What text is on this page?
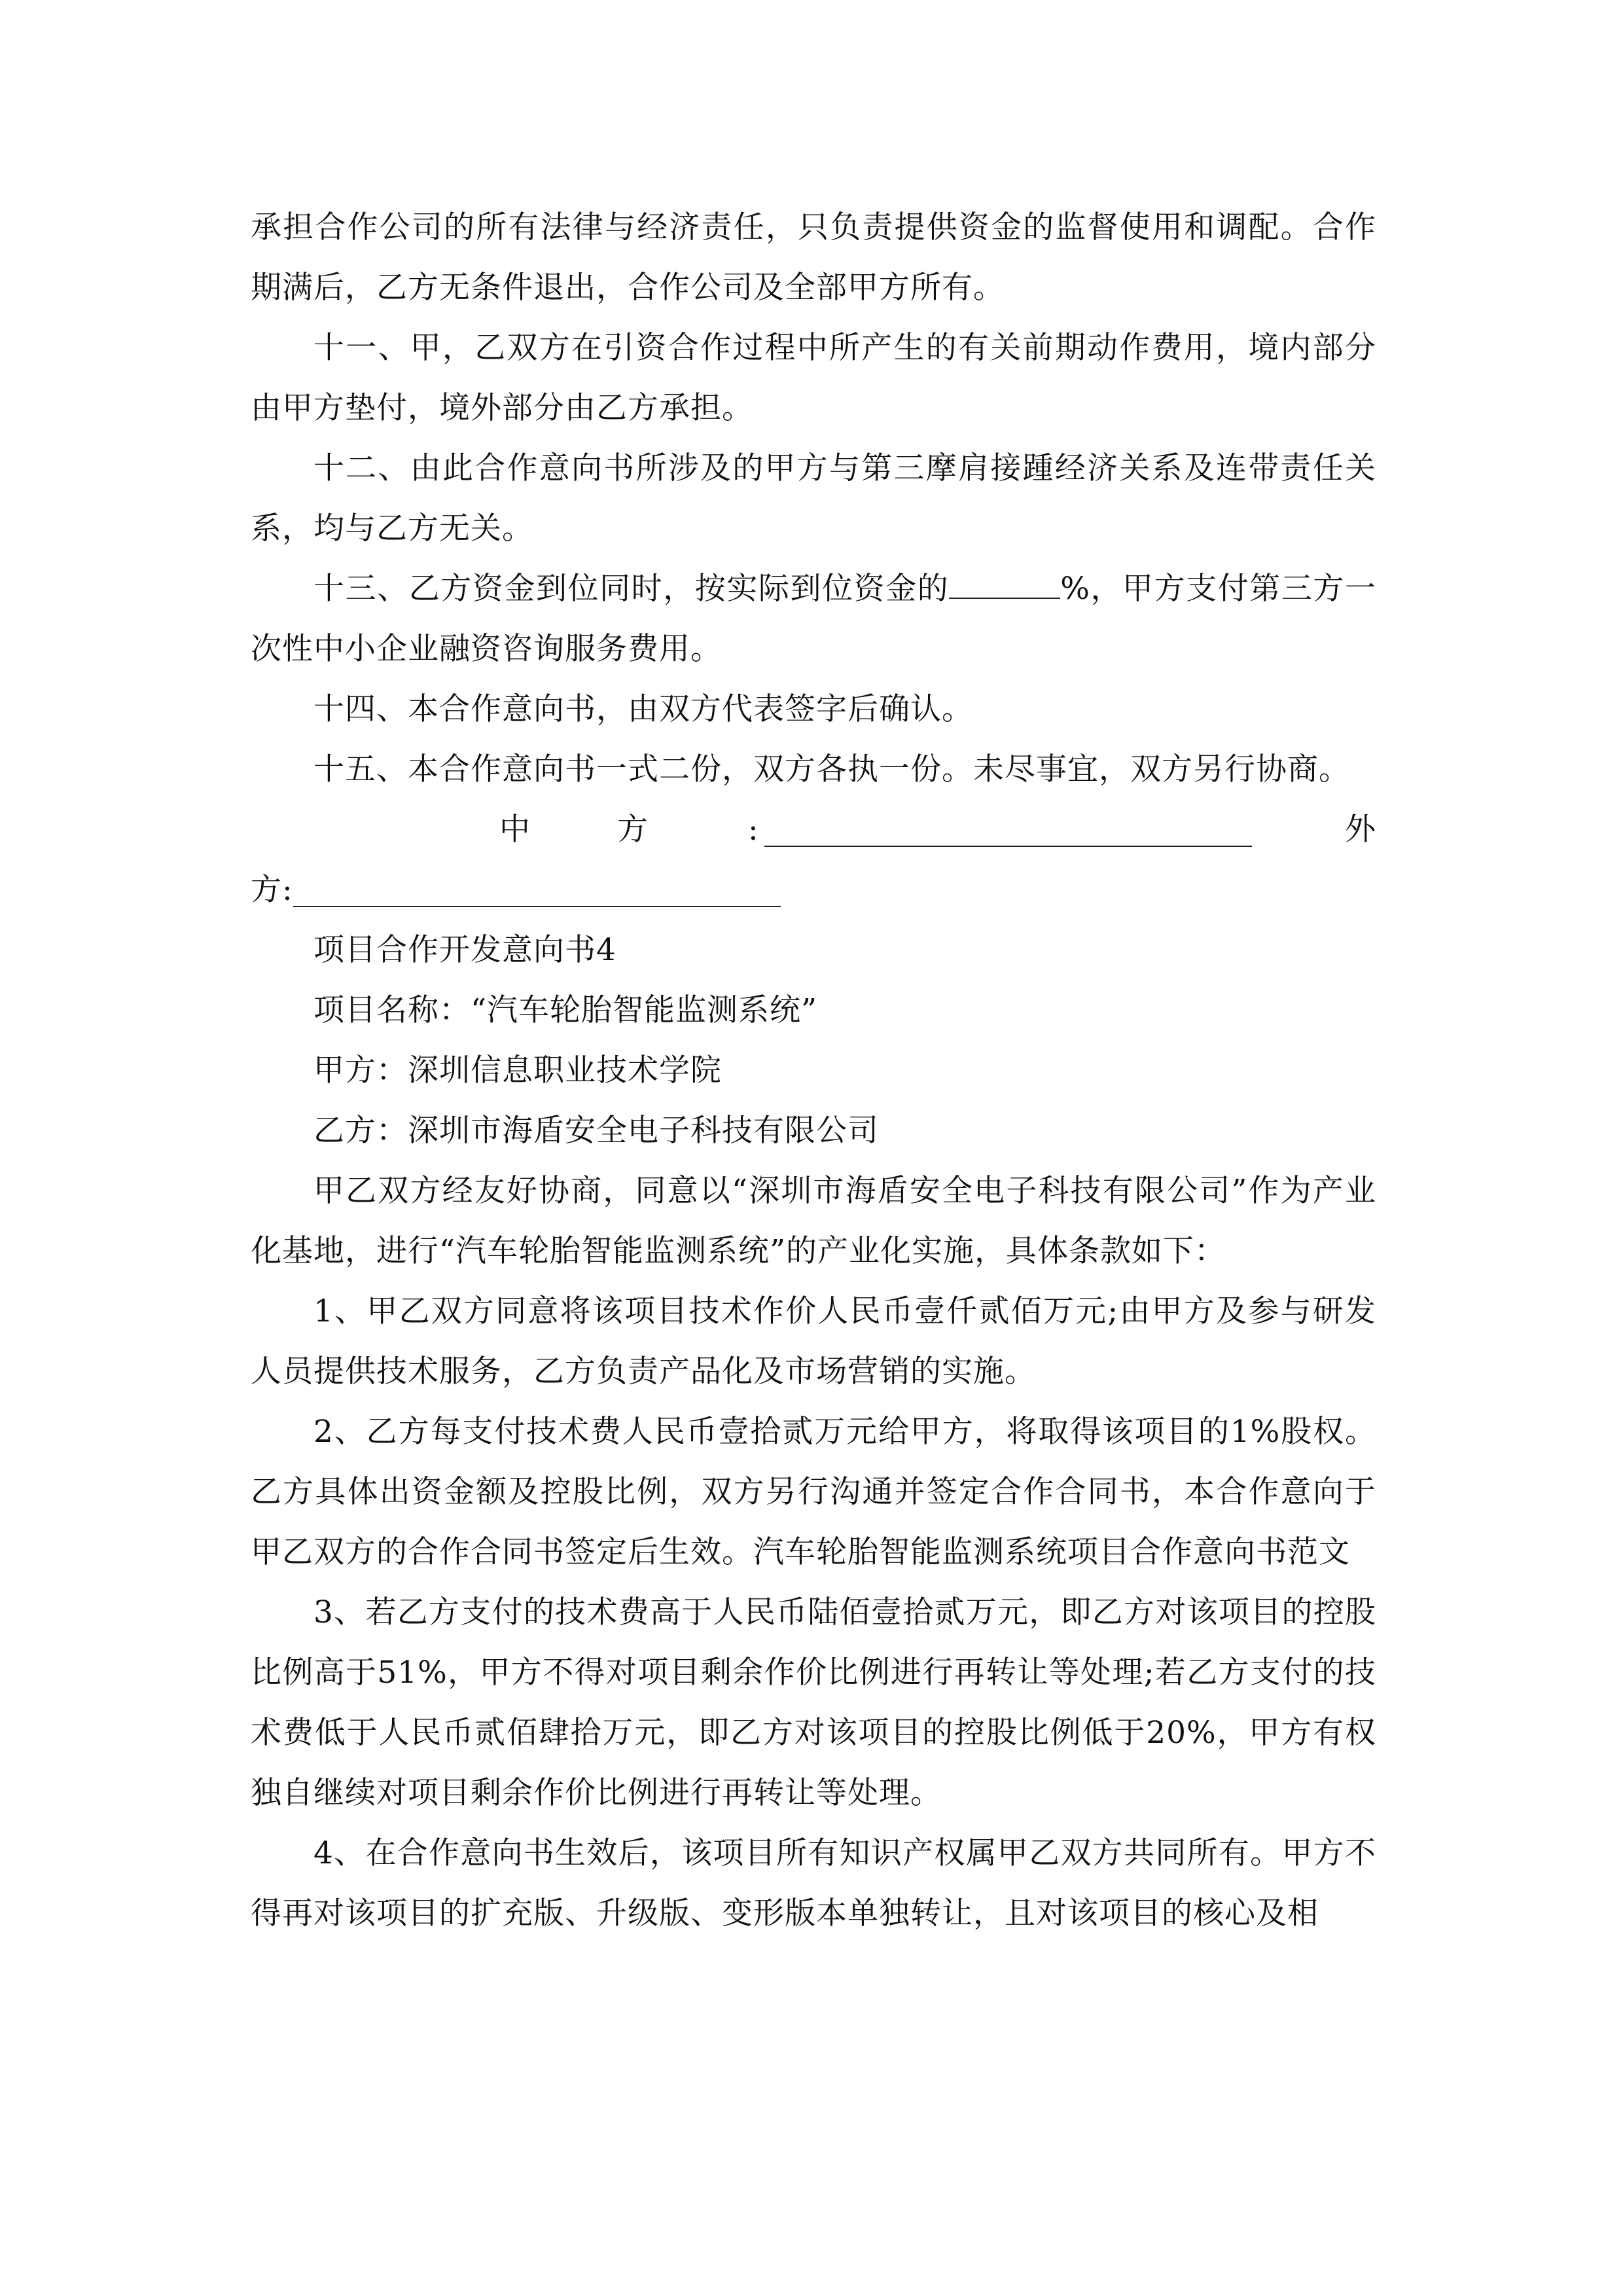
承担合作公司的所有法律与经济责任，只负责提供资金的监督使用和调配。合作期满后，乙方无条件退出，合作公司及全部甲方所有。

十一、甲，乙双方在引资合作过程中所产生的有关前期动作费用，境内部分由甲方垫付，境外部分由乙方承担。

十二、由此合作意向书所涉及的甲方与第三摩肩接踵经济关系及连带责任关系，均与乙方无关。

十三、乙方资金到位同时，按实际到位资金的	%，甲方支付第三方一次性中小企业融资咨询服务费用。

十四、本合作意向书，由双方代表签字后确认。

十五、本合作意向书一式二份，双方各执一份。未尽事宜，双方另行协商。

中	方	:	外
方:

项目合作开发意向书4

项目名称：“汽车轮胎智能监测系统”

甲方：深圳信息职业技术学院

乙方：深圳市海盾安全电子科技有限公司

甲乙双方经友好协商，同意以“深圳市海盾安全电子科技有限公司”作为产业化基地，进行“汽车轮胎智能监测系统”的产业化实施，具体条款如下：

1、甲乙双方同意将该项目技术作价人民币壹仟贰佰万元;由甲方及参与研发人员提供技术服务，乙方负责产品化及市场营销的实施。

2、乙方每支付技术费人民币壹拾贰万元给甲方，将取得该项目的1%股权。乙方具体出资金额及控股比例，双方另行沟通并签定合作合同书，本合作意向于甲乙双方的合作合同书签定后生效。汽车轮胎智能监测系统项目合作意向书范文

3、若乙方支付的技术费高于人民币陆佰壹拾贰万元，即乙方对该项目的控股比例高于51%，甲方不得对项目剩余作价比例进行再转让等处理;若乙方支付的技术费低于人民币贰佰肆拾万元，即乙方对该项目的控股比例低于20%，甲方有权独自继续对项目剩余作价比例进行再转让等处理。

4、在合作意向书生效后，该项目所有知识产权属甲乙双方共同所有。甲方不得再对该项目的扩充版、升级版、变形版本单独转让，且对该项目的核心及相
